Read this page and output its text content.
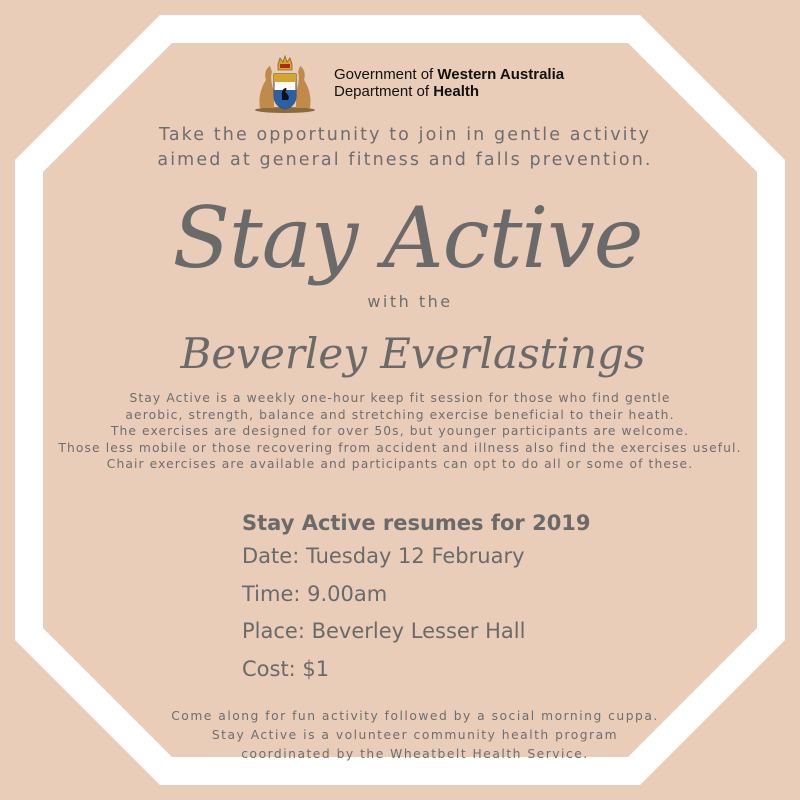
Government of Western Australia
Department of Health
Take the opportunity to join in gentle activity
aimed at general fitness and falls prevention.
Stay Active
with the
Beverley Everlastings
Stay Active is a weekly one-hour keep fit session for those who find gentle
aerobic, strength, balance and stretching exercise beneficial to their heath.
The exercises are designed for over 50s, but younger participants are welcome.
Those less mobile or those recovering from accident and illness also find the exercises useful.
Chair exercises are available and participants can opt to do all or some of these.
Stay Active resumes for 2019
Date: Tuesday 12 February
Time: 9.00am
Place: Beverley Lesser Hall
Cost: $1
Come along for fun activity followed by a social morning cuppa.
Stay Active is a volunteer community health program
coordinated by the Wheatbelt Health Service.
